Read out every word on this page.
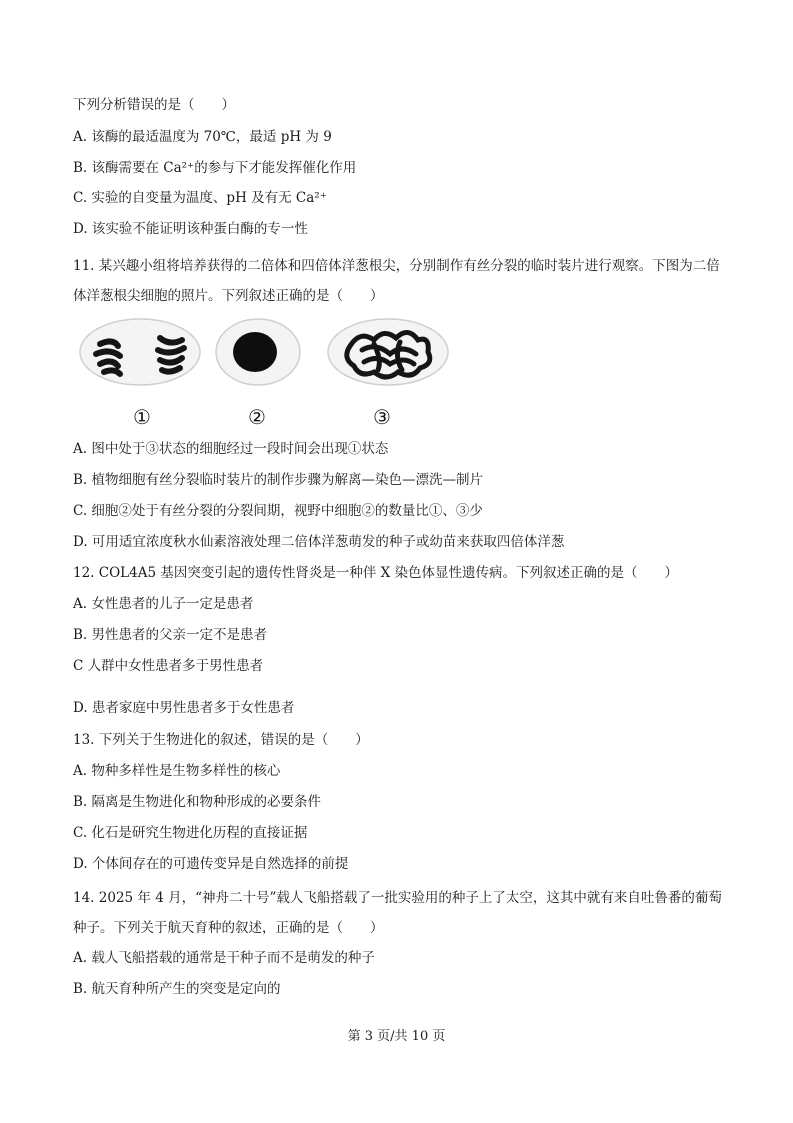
下列分析错误的是（　　）
A. 该酶的最适温度为 70℃，最适 pH 为 9
B. 该酶需要在 Ca²⁺的参与下才能发挥催化作用
C. 实验的自变量为温度、pH 及有无 Ca²⁺
D. 该实验不能证明该种蛋白酶的专一性
11. 某兴趣小组将培养获得的二倍体和四倍体洋葱根尖，分别制作有丝分裂的临时装片进行观察。下图为二倍体洋葱根尖细胞的照片。下列叙述正确的是（　　）
①	②	③
A. 图中处于③状态的细胞经过一段时间会出现①状态
B. 植物细胞有丝分裂临时装片的制作步骤为解离—染色—漂洗—制片
C. 细胞②处于有丝分裂的分裂间期，视野中细胞②的数量比①、③少
D. 可用适宜浓度秋水仙素溶液处理二倍体洋葱萌发的种子或幼苗来获取四倍体洋葱
12. COL4A5 基因突变引起的遗传性肾炎是一种伴 X 染色体显性遗传病。下列叙述正确的是（　　）
A. 女性患者的儿子一定是患者
B. 男性患者的父亲一定不是患者
C 人群中女性患者多于男性患者
D. 患者家庭中男性患者多于女性患者
13. 下列关于生物进化的叙述，错误的是（　　）
A. 物种多样性是生物多样性的核心
B. 隔离是生物进化和物种形成的必要条件
C. 化石是研究生物进化历程的直接证据
D. 个体间存在的可遗传变异是自然选择的前提
14. 2025 年 4 月，“神舟二十号”载人飞船搭载了一批实验用的种子上了太空，这其中就有来自吐鲁番的葡萄种子。下列关于航天育种的叙述，正确的是（　　）
A. 载人飞船搭载的通常是干种子而不是萌发的种子
B. 航天育种所产生的突变是定向的
第 3 页/共 10 页
